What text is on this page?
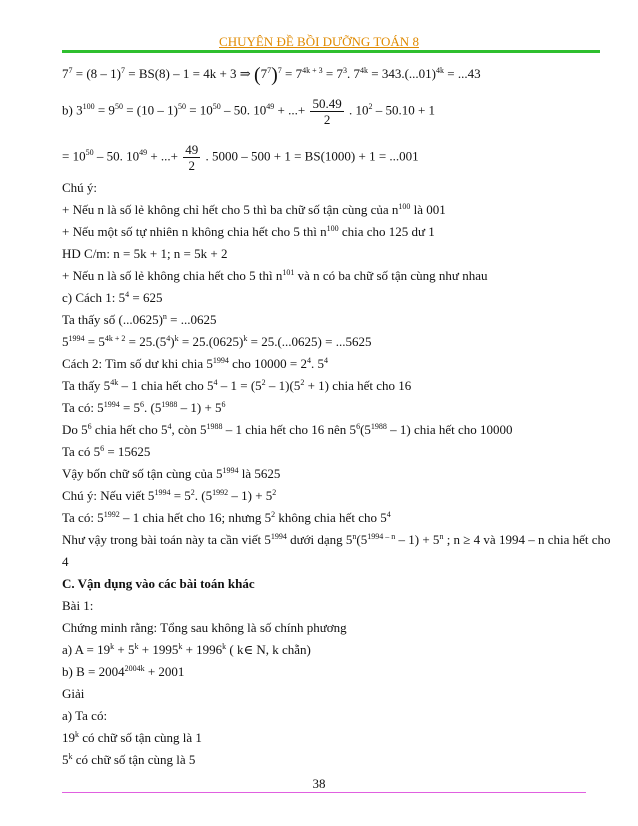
CHUYÊN ĐỀ BỒI DƯỠNG TOÁN 8
$7^7 = (8 - 1)^7 = BS(8) - 1 = 4k + 3$ ⇒ $(7^7)^7 = 7^{4k + 3} = 7^3$. $7^{4k} = 343.(...01)^{4k} = ...43$
b) $3^{100} = 9^{50} = (10 - 1)^{50} = 10^{50} - 50$. $10^{49}$ + ...+ $\frac{50.49}{2}$ . $10^2 - 50.10 + 1$
= $10^{50} - 50$. $10^{49}$ + ...+ $\frac{49}{2}$ . 5000 – 500 + 1 = BS(1000) + 1 = ...001
Chú ý:
+ Nếu n là số lẻ không chỉ hết cho 5 thì ba chữ số tận cùng của $n^{100}$ là 001
+ Nếu một số tự nhiên n không chia hết cho 5 thì $n^{100}$ chia cho 125 dư 1
HD C/m: n = 5k + 1; n = 5k + 2
+ Nếu n là số lẻ không chia hết cho 5 thì $n^{101}$ và n có ba chữ số tận cùng như nhau
c) Cách 1: $5^4 = 625$
Ta thấy số $(...0625)^n = ...0625$
$5^{1994} = 5^{4k + 2} = 25.(5^4)^k = 25.(0625)^k = 25.(...0625) = ...5625$
Cách 2: Tìm số dư khi chia $5^{1994}$ cho $10000 = 2^4$. $5^4$
Ta thấy $5^{4k} - 1$ chia hết cho $5^4 - 1 = (5^2 - 1)(5^2 + 1)$ chia hết cho 16
Ta có: $5^{1994} = 5^6$. $(5^{1988} - 1) + 5^6$
Do $5^6$ chia hết cho $5^4$, còn $5^{1988} - 1$ chia hết cho 16 nên $5^6(5^{1988} - 1)$ chia hết cho 10000
Ta có $5^6 = 15625$
Vậy bốn chữ số tận cùng của $5^{1994}$ là 5625
Chú ý: Nếu viết $5^{1994} = 5^2$. $(5^{1992} - 1) + 5^2$
Ta có: $5^{1992} - 1$ chia hết cho 16; nhưng $5^2$ không chia hết cho $5^4$
Như vậy trong bài toán này ta cần viết $5^{1994}$ dưới dạng $5^n(5^{1994 - n} - 1) + 5^n$ ; n ≥ 4 và 1994 – n chia hết cho
4
C. Vận dụng vào các bài toán khác
Bài 1:
Chứng minh rằng: Tổng sau không là số chính phương
a) $A = 19^k + 5^k + 1995^k + 1996^k$ ( k∈ N, k chẵn)
b) $B = 2004^{2004k} + 2001$
Giải
a) Ta có:
19$^k$ có chữ số tận cùng là 1
5$^k$ có chữ số tận cùng là 5
38
